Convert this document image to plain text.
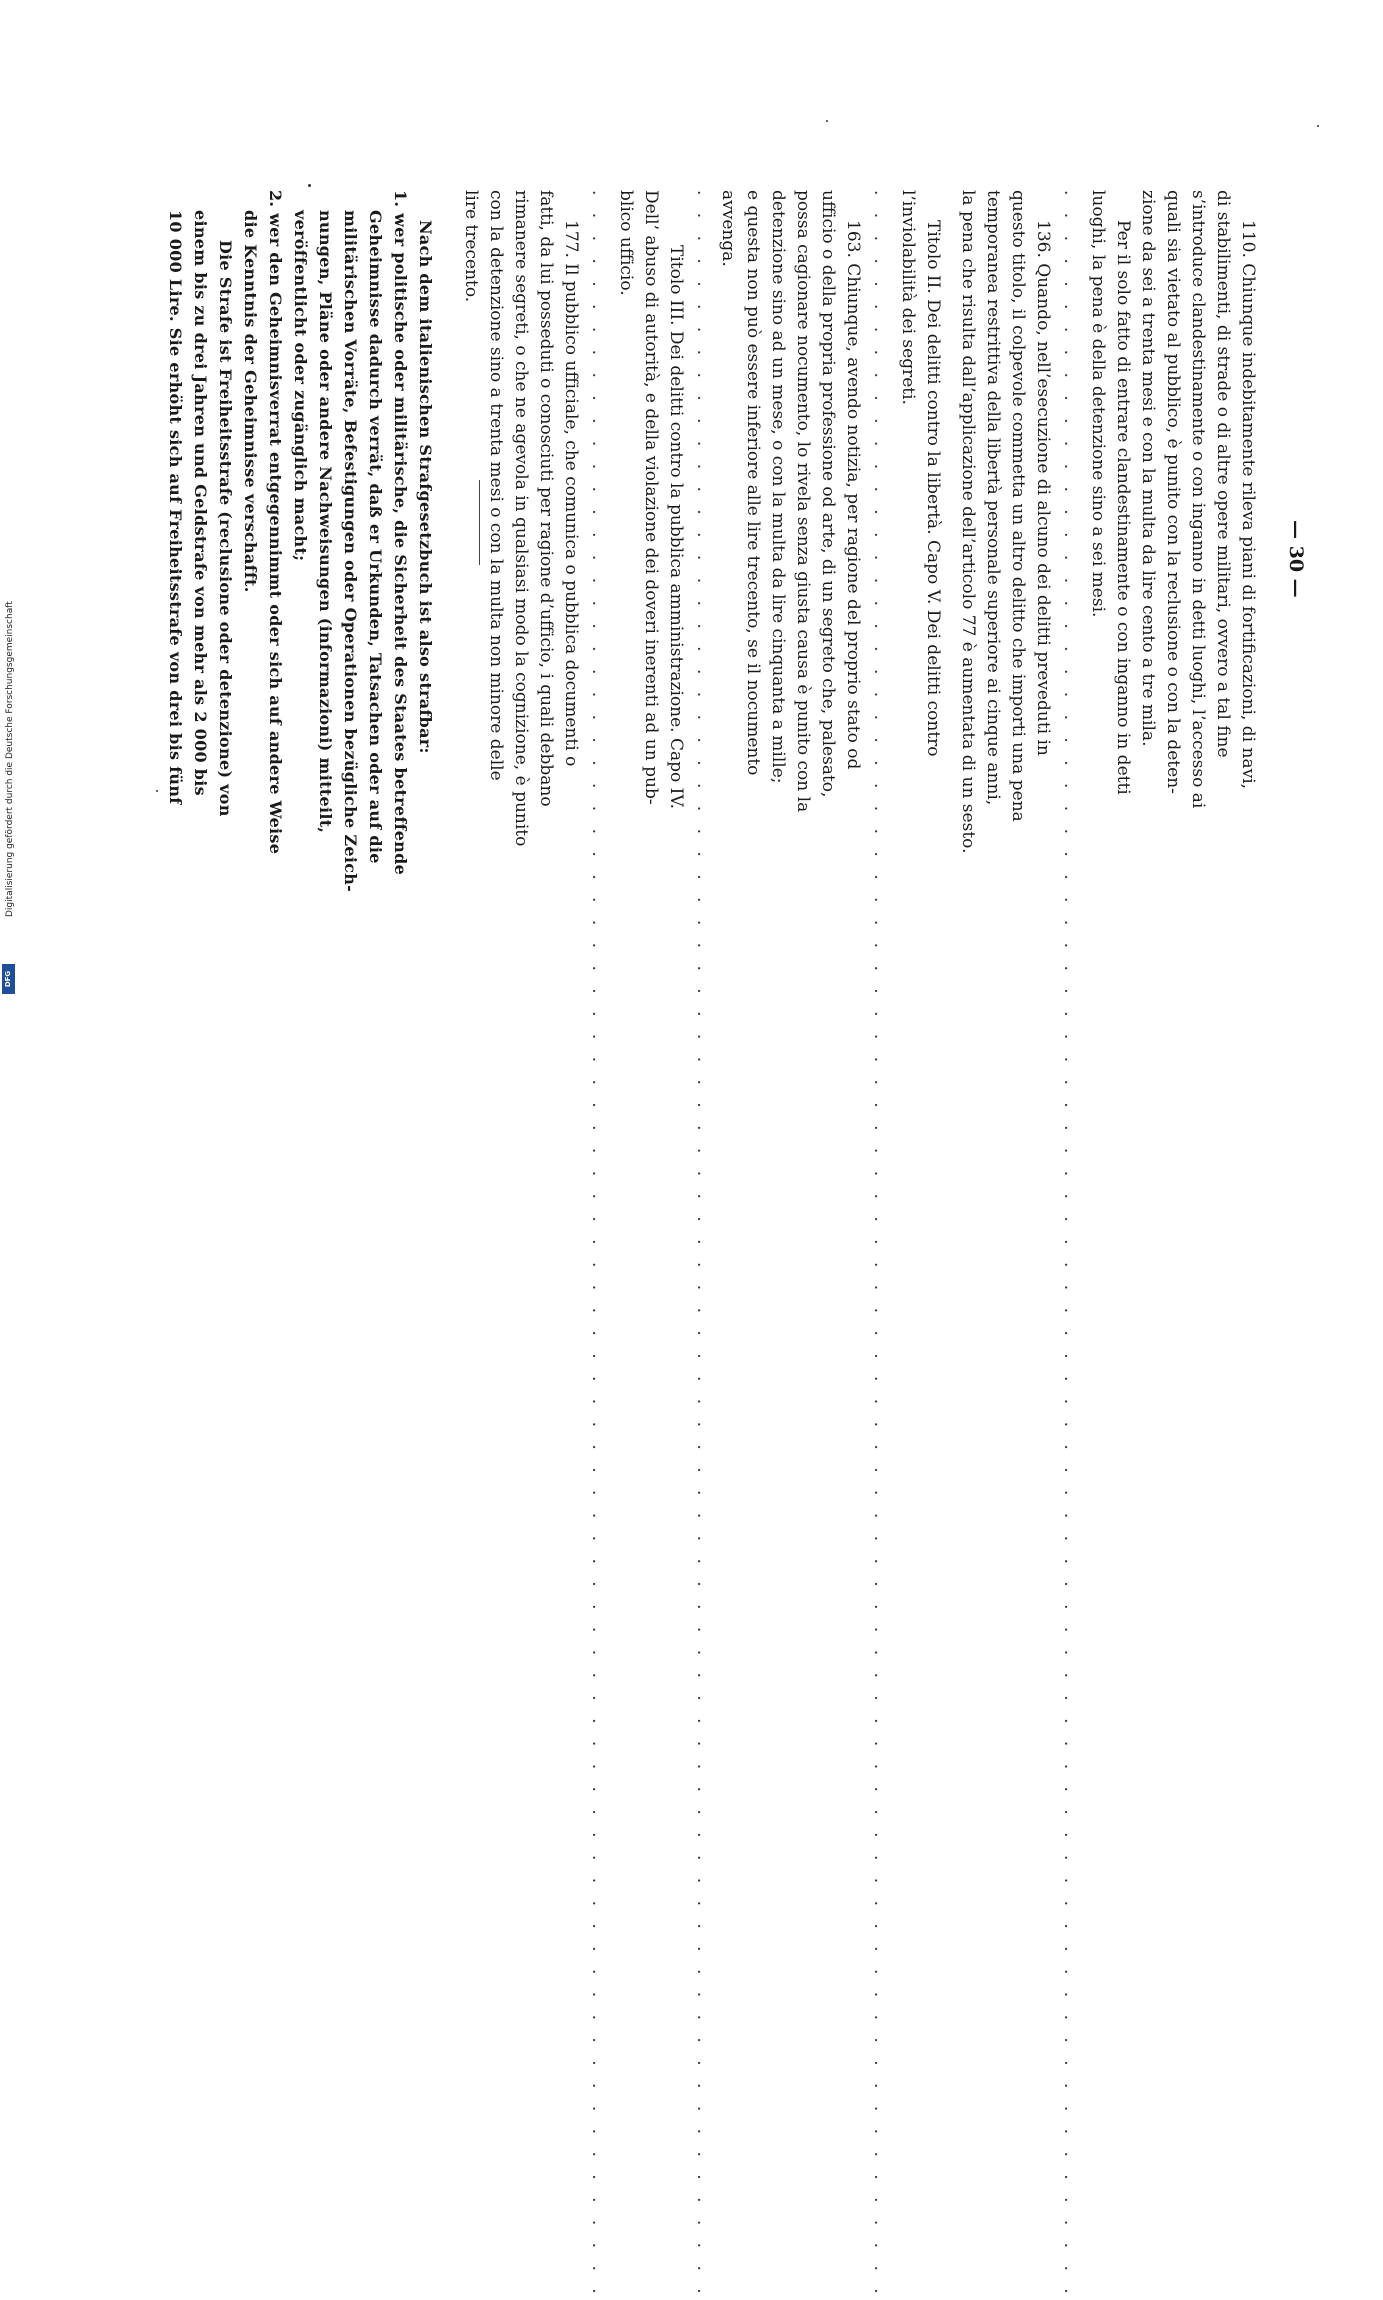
— 30 —
110. Chiunque indebitamente rileva piani di fortificazioni, di navi,
di stabilimenti, di strade o di altre opere militari, ovvero a tal fine
s’introduce clandestinamente o con inganno in detti luoghi, l’accesso ai
quali sia vietato al pubblico, è punito con la reclusione o con la deten-
zione da sei a trenta mesi e con la multa da lire cento a tre mila.
Per il solo fatto di entrare clandestinamente o con inganno in detti
luoghi, la pena è della detenzione sino a sei mesi.
. . . . . . . . . . . . . . . . . . . . . . . . . . . . . . . . . . . . . . . . . . . . . . . . . . . . . . . . . . . . . . . . . . . . . . . . . . . . . . . . . . . . . . . . . . . . .
136. Quando, nell’esecuzione di alcuno dei delitti preveduti in
questo titolo, il colpevole commetta un altro delitto che importi una pena
temporanea restrittiva della libertà personale superiore ai cinque anni,
la pena che risulta dall’applicazione dell’articolo 77 è aumentata di un sesto.
Titolo II. Dei delitti contro la libertà. Capo V. Dei delitti contro
l’inviolabilità dei segreti.
. . . . . . . . . . . . . . . . . . . . . . . . . . . . . . . . . . . . . . . . . . . . . . . . . . . . . . . . . . . . . . . . . . . . . . . . . . . . . . . . . . . . . . . . . . . . .
163. Chiunque, avendo notizia, per ragione del proprio stato od
ufficio o della propria professione od arte, di un segreto che, palesato,
possa cagionare nocumento, lo rivela senza giusta causa è punito con la
detenzione sino ad un mese, o con la multa da lire cinquanta a mille;
e questa non può essere inferiore alle lire trecento, se il nocumento
avvenga.
. . . . . . . . . . . . . . . . . . . . . . . . . . . . . . . . . . . . . . . . . . . . . . . . . . . . . . . . . . . . . . . . . . . . . . . . . . . . . . . . . . . . . . . . . . . . .
Titolo III. Dei delitti contro la pubblica amministrazione. Capo IV.
Dell’ abuso di autorità, e della violazione dei doveri inerenti ad un pub-
blico ufficio.
. . . . . . . . . . . . . . . . . . . . . . . . . . . . . . . . . . . . . . . . . . . . . . . . . . . . . . . . . . . . . . . . . . . . . . . . . . . . . . . . . . . . . . . . . . . . .
177. Il pubblico ufficiale, che comunica o pubblica documenti o
fatti, da lui posseduti o conosciuti per ragione d’ufficio, i quali debbano
rimanere segreti, o che ne agevola in qualsiasi modo la cognizione, è punito
con la detenzione sino a trenta mesi o con la multa non minore delle
lire trecento.
Nach dem italienischen Strafgesetzbuch ist also strafbar:
1. wer politische oder militärische, die Sicherheit des Staates betreffende
Geheimnisse dadurch verrät, daß er Urkunden, Tatsachen oder auf die
militärischen Vorräte, Befestigungen oder Operationen bezügliche Zeich-
nungen, Pläne oder andere Nachweisungen (informazioni) mitteilt,
veröffentlicht oder zugänglich macht;
2. wer den Geheimnisverrat entgegennimmt oder sich auf andere Weise
die Kenntnis der Geheimnisse verschafft.
Die Strafe ist Freiheitsstrafe (reclusione oder detenzione) von
einem bis zu drei Jahren und Geldstrafe von mehr als 2 000 bis
10 000 Lire. Sie erhöht sich auf Freiheitsstrafe von drei bis fünf
Digitalisierung gefördert durch die Deutsche Forschungsgemeinschaft
DFG
